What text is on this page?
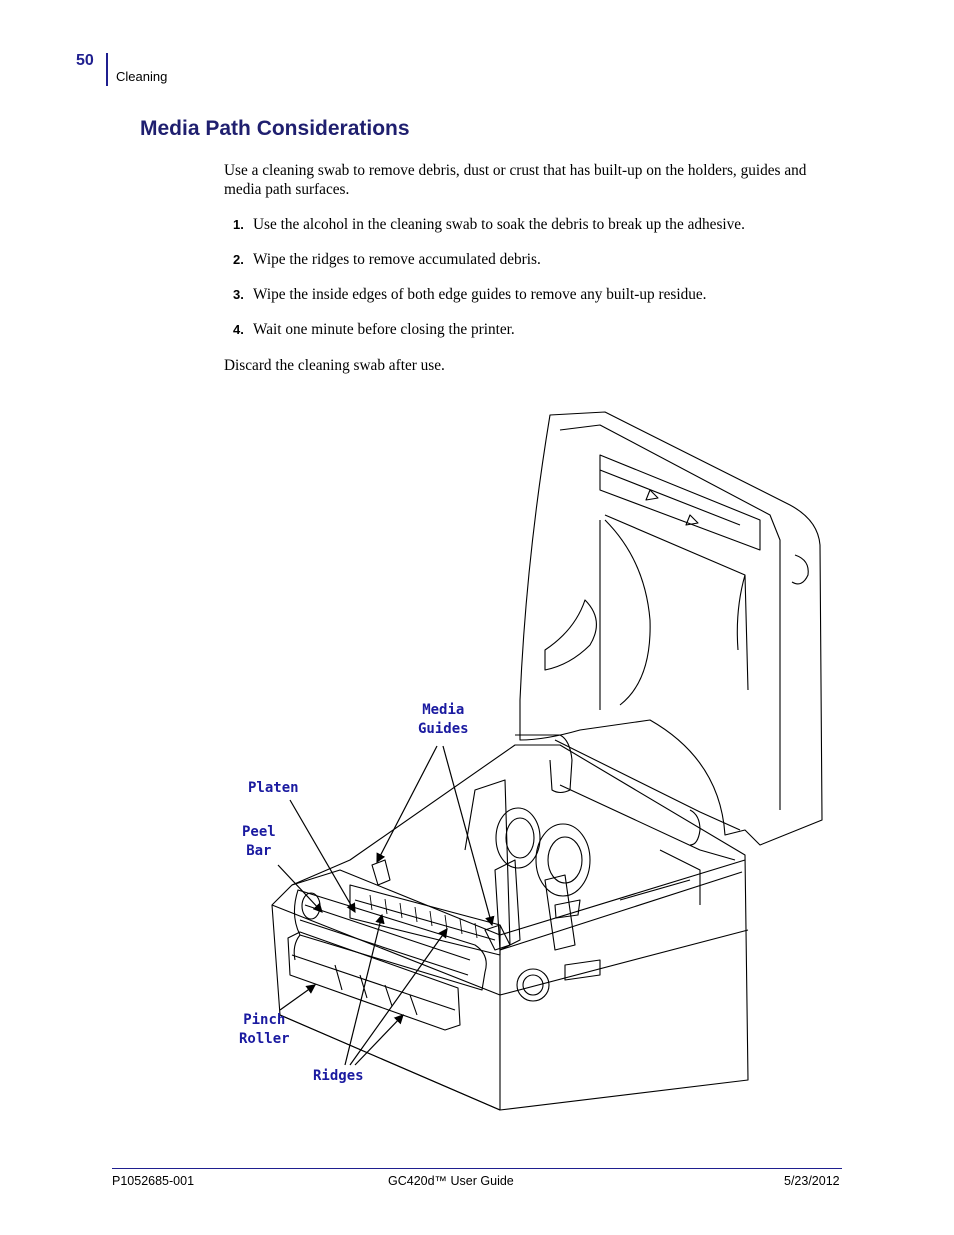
50
Cleaning
Media Path Considerations

Use a cleaning swab to remove debris, dust or crust that has built-up on the holders, guides and media path surfaces.

1. Use the alcohol in the cleaning swab to soak the debris to break up the adhesive.
2. Wipe the ridges to remove accumulated debris.
3. Wipe the inside edges of both edge guides to remove any built-up residue.
4. Wait one minute before closing the printer.

Discard the cleaning swab after use.

Media
Guides
Platen
Peel
Bar
Pinch
Roller
Ridges
P1052685-001	GC420d™ User Guide	5/23/2012
